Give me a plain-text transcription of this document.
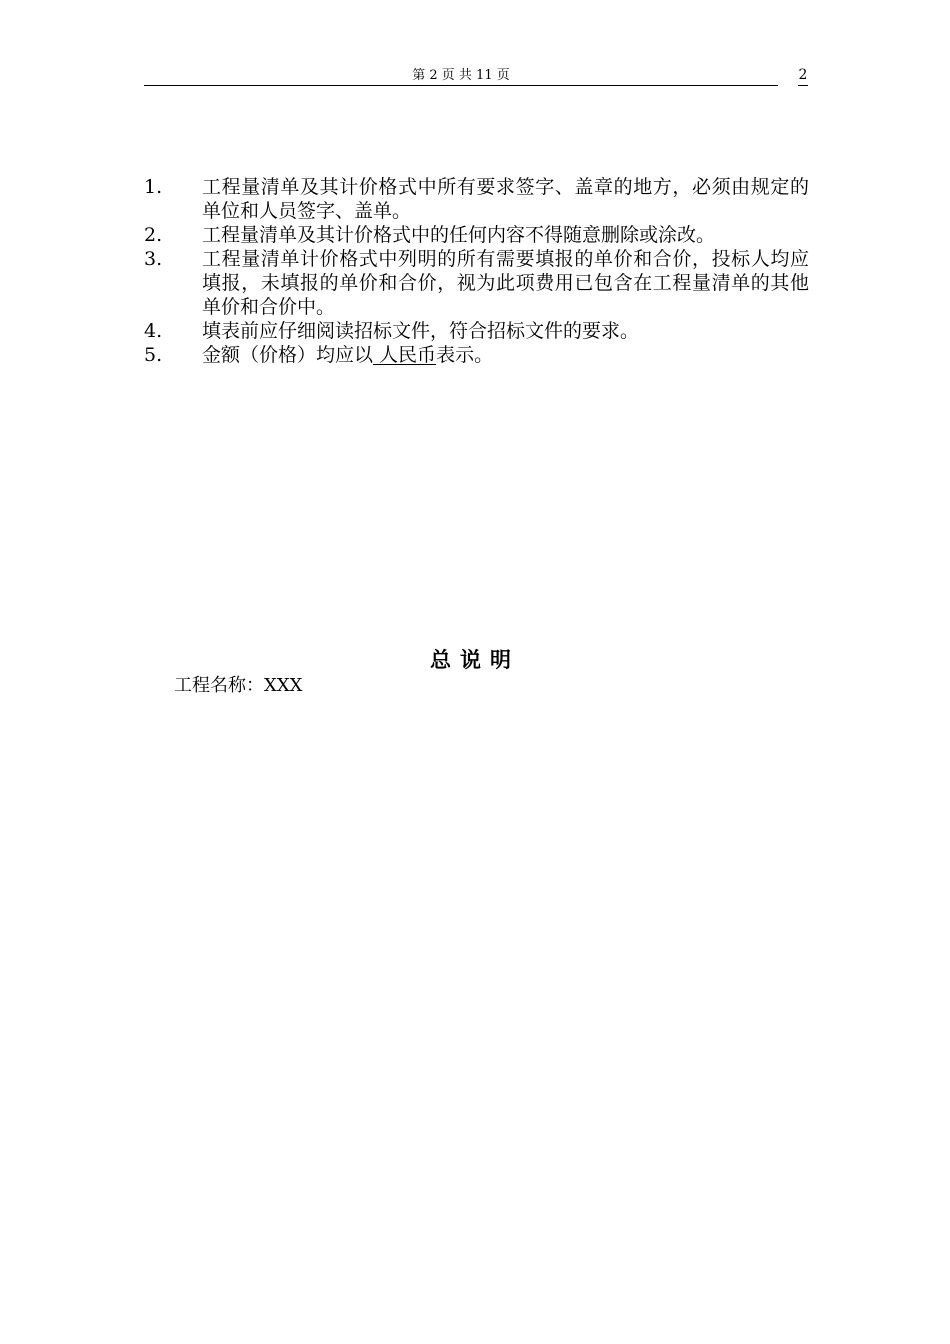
第 2 页 共 11 页	2
1.	工程量清单及其计价格式中所有要求签字、盖章的地方，必须由规定的单位和人员签字、盖单。
2.	工程量清单及其计价格式中的任何内容不得随意删除或涂改。
3.	工程量清单计价格式中列明的所有需要填报的单价和合价，投标人均应填报，未填报的单价和合价，视为此项费用已包含在工程量清单的其他单价和合价中。
4.	填表前应仔细阅读招标文件，符合招标文件的要求。
5.	金额（价格）均应以 人民币表示。
总说明
工程名称：XXX
